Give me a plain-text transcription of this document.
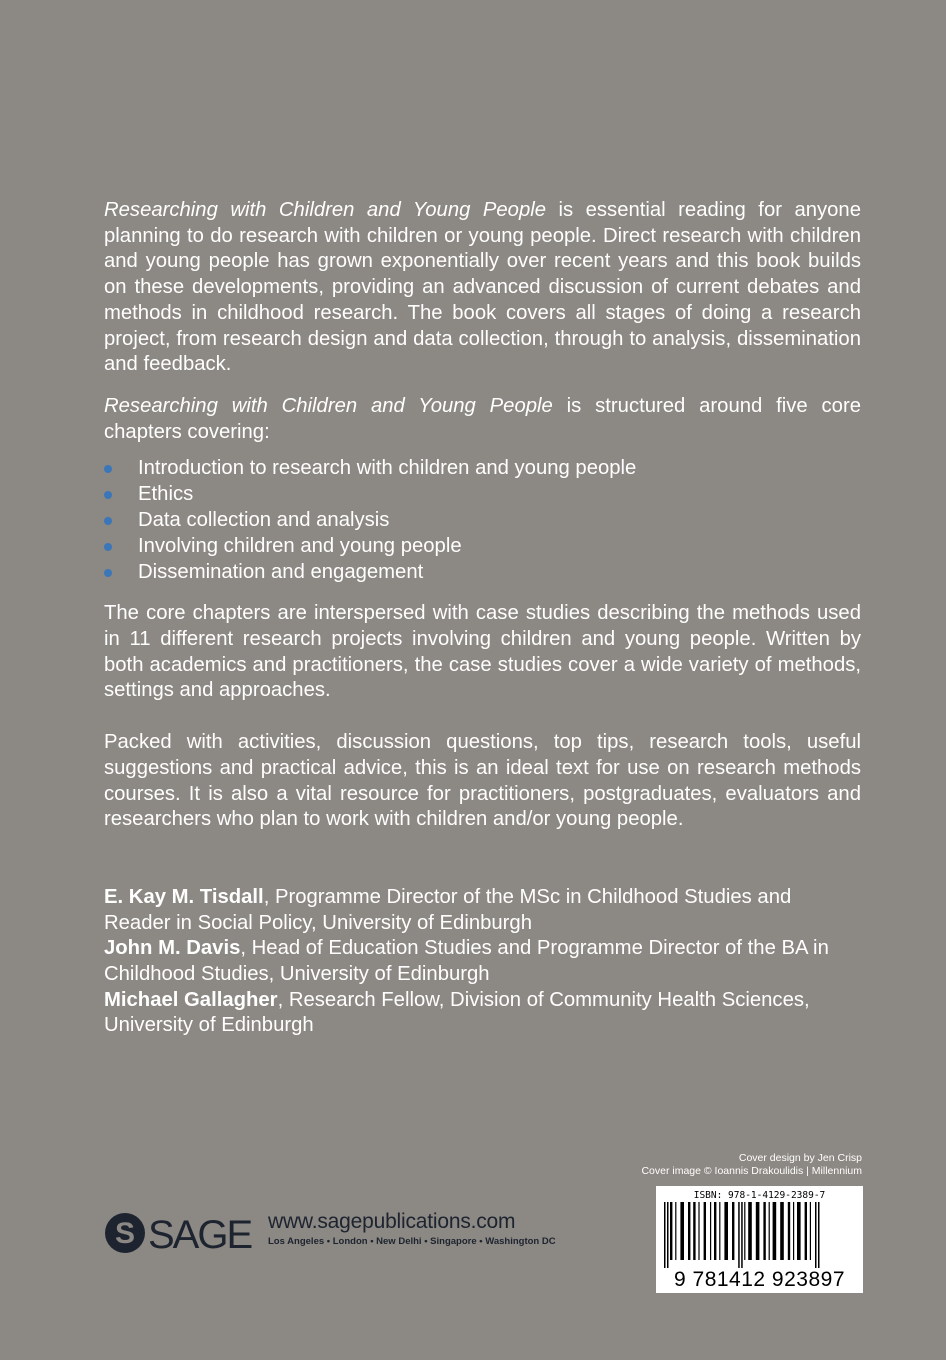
Researching with Children and Young People is essential reading for anyone planning to do research with children or young people. Direct research with children and young people has grown exponentially over recent years and this book builds on these developments, providing an advanced discussion of current debates and methods in childhood research. The book covers all stages of doing a research project, from research design and data collection, through to analysis, dissemination and feedback.

Researching with Children and Young People is structured around five core chapters covering:

Introduction to research with children and young people
Ethics
Data collection and analysis
Involving children and young people
Dissemination and engagement

The core chapters are interspersed with case studies describing the methods used in 11 different research projects involving children and young people. Written by both academics and practitioners, the case studies cover a wide variety of methods, settings and approaches.

Packed with activities, discussion questions, top tips, research tools, useful suggestions and practical advice, this is an ideal text for use on research methods courses. It is also a vital resource for practitioners, postgraduates, evaluators and researchers who plan to work with children and/or young people.

E. Kay M. Tisdall, Programme Director of the MSc in Childhood Studies and Reader in Social Policy, University of Edinburgh

John M. Davis, Head of Education Studies and Programme Director of the BA in Childhood Studies, University of Edinburgh

Michael Gallagher, Research Fellow, Division of Community Health Sciences, University of Edinburgh

Cover design by Jen Crisp
Cover image © Ioannis Drakoulidis | Millennium
S SAGE www.sagepublications.com
Los Angeles • London • New Delhi • Singapore • Washington DC
ISBN: 978-1-4129-2389-7
9 781412 923897
